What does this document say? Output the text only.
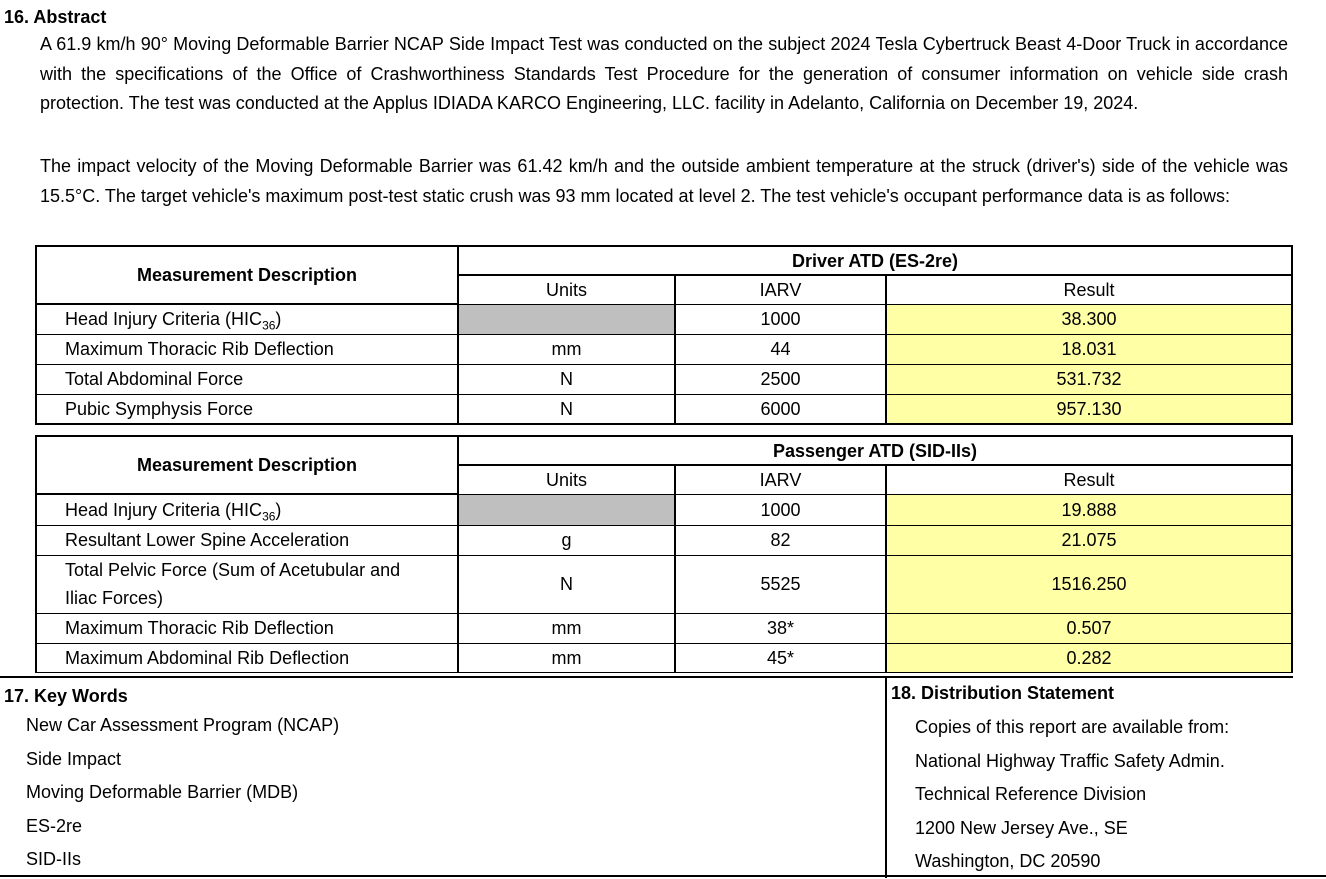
16. Abstract
A 61.9 km/h 90° Moving Deformable Barrier NCAP Side Impact Test was conducted on the subject 2024 Tesla Cybertruck Beast 4-Door Truck in accordance with the specifications of the Office of Crashworthiness Standards Test Procedure for the generation of consumer information on vehicle side crash protection. The test was conducted at the Applus IDIADA KARCO Engineering, LLC. facility in Adelanto, California on December 19, 2024.
The impact velocity of the Moving Deformable Barrier was 61.42 km/h and the outside ambient temperature at the struck (driver's) side of the vehicle was 15.5°C. The target vehicle's maximum post-test static crush was 93 mm located at level 2. The test vehicle's occupant performance data is as follows:
Measurement Description	Driver ATD (ES-2re)		
	Units	IARV	Result
Head Injury Criteria $(HIC_{36})$		1000	38.300
Maximum Thoracic Rib Deflection	mm	44	18.031
Total Abdominal Force	N	2500	531.732
Pubic Symphysis Force	N	6000	957.130
Measurement Description	Passenger ATD (SID-IIs)		
	Units	IARV	Result
Head Injury Criteria $(HIC_{36})$		1000	19.888
Resultant Lower Spine Acceleration	g	82	21.075
Total Pelvic Force (Sum of Acetubular and
Iliac Forces)	N	5525	1516.250
Maximum Thoracic Rib Deflection	mm	38*	0.507
Maximum Abdominal Rib Deflection	mm	45*	0.282
17. Key Words
New Car Assessment Program (NCAP)
Side Impact
Moving Deformable Barrier (MDB)
ES-2re
SID-IIs
18. Distribution Statement
Copies of this report are available from:
National Highway Traffic Safety Admin.
Technical Reference Division
1200 New Jersey Ave., SE
Washington, DC 20590
